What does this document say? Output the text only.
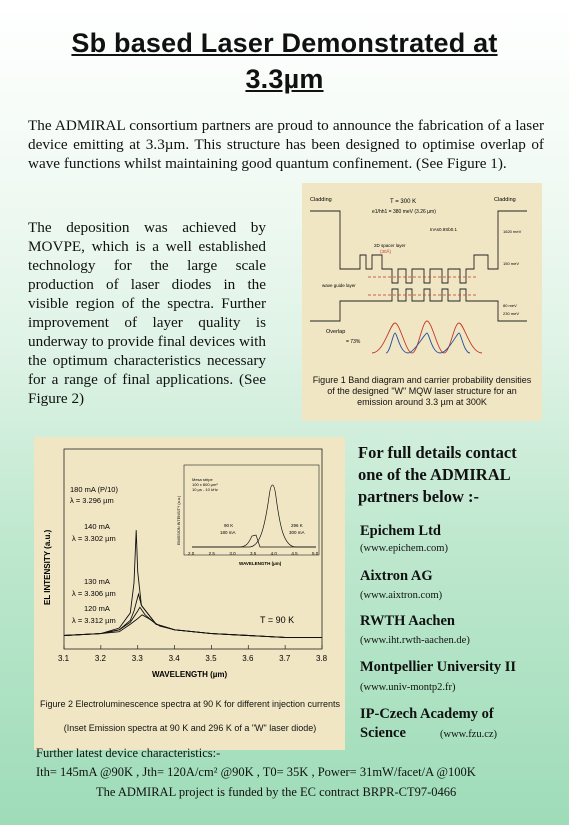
Sb based Laser Demonstrated at
3.3µm
The ADMIRAL consortium partners are proud to announce the fabrication of a laser device emitting at 3.3µm. This structure has been designed to optimise overlap of wave functions whilst maintaining good quantum confinement. (See Figure 1).
The deposition was achieved by MOVPE, which is a well established technology for the large scale production of laser diodes in the visible region of the spectra. Further improvement of layer quality is underway to provide final devices with the optimum characteristics necessary for a range of final applications. (See Figure 2)
Cladding	Cladding
T = 300 K
e1/hh1 = 380 meV (3.26 µm)
2D spacer layer
(30Å)
InAs0.9Sb0.1
wave guide layer
1620 meV
150 meV
80 meV
230 meV
Overlap
= 73%
Figure 1 Band diagram and carrier probability densities of the designed "W" MQW laser structure for an emission around 3.3 µm at 300K
EL INTENSITY (a.u.)
WAVELENGTH (µm)
3.1	3.2	3.3	3.4	3.5	3.6	3.7	3.8
180 mA (P/10)
λ = 3.296 µm
140 mA
λ = 3.302 µm
130 mA
λ = 3.306 µm
120 mA
λ = 3.312 µm	T = 90 K
Mesa stripe
100 x 800 µm²
10 µs - 10 kHz
90 K
180 mA
296 K
300 mA
WAVELENGTH (µm)
EMISSION INTENSITY (a.u.)
2.0	2.5	3.0	3.5	4.0	4.5	5.0
Figure 2 Electroluminescence spectra at 90 K for different injection currents
(Inset Emission spectra at 90 K and 296 K of a "W" laser diode)
For full details contact
one of the ADMIRAL
partners below :-
Epichem Ltd
(www.epichem.com)
Aixtron AG
(www.aixtron.com)
RWTH Aachen
(www.iht.rwth-aachen.de)
Montpellier University II
(www.univ-montp2.fr)
IP-Czech Academy of
Science	(www.fzu.cz)
Further latest device characteristics:-
Ith= 145mA @90K , Jth= 120A/cm² @90K , T0= 35K , Power= 31mW/facet/A @100K
The ADMIRAL project is funded by the EC contract BRPR-CT97-0466
